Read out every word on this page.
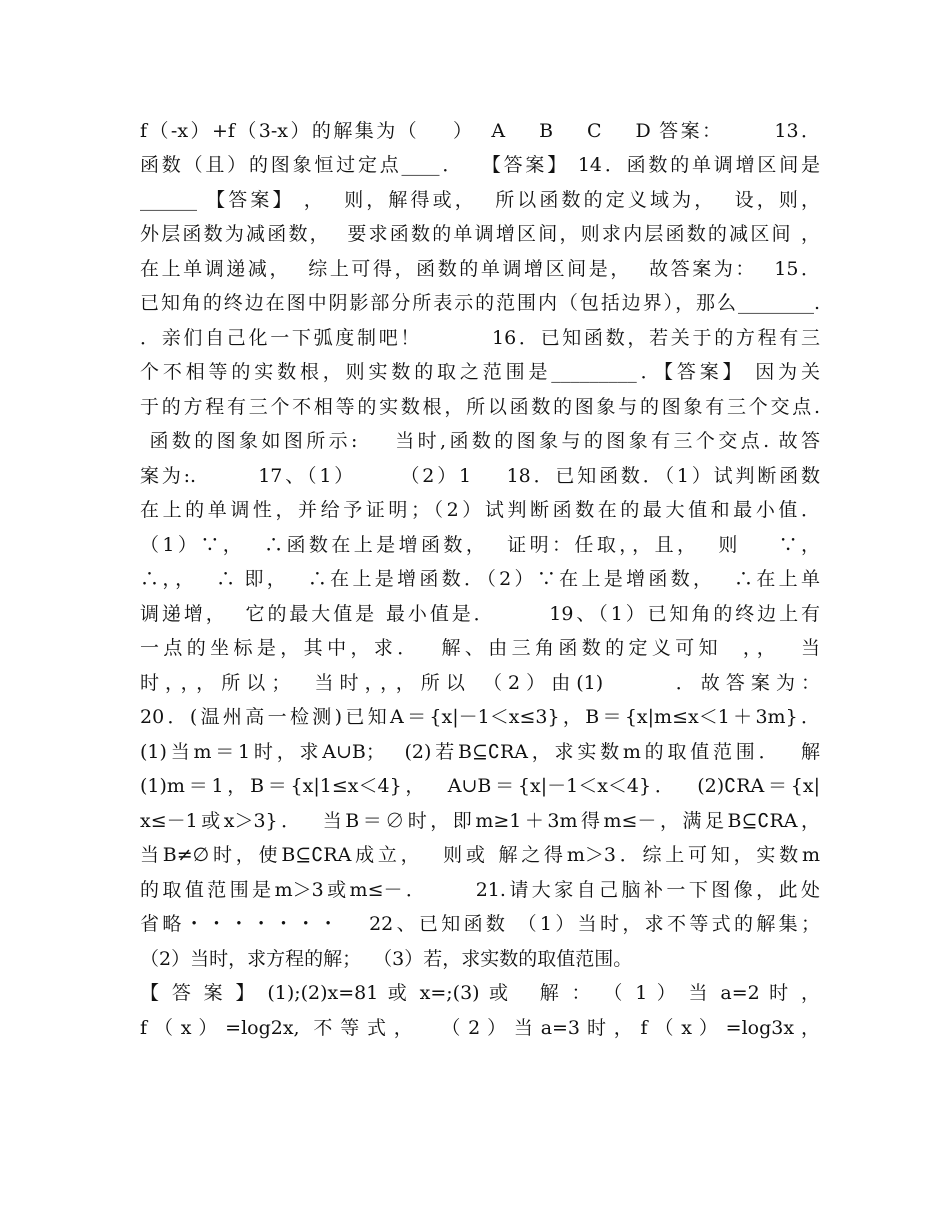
f（-x）+f（3-x）的解集为（    ）  A    B    C    D 答案：      13．
函数（且）的图象恒过定点____．  【答案】 14．函数的单调增区间是
______ 【答案】 ，  则，解得或，  所以函数的定义域为，  设，则，
外层函数为减函数，  要求函数的单调增区间，则求内层函数的减区间 ，
在上单调递减，  综上可得，函数的单调增区间是，  故答案为：  15．
已知角的终边在图中阴影部分所表示的范围内（包括边界），那么________.
．亲们自己化一下弧度制吧！        16．已知函数，若关于的方程有三
个不相等的实数根，则实数的取之范围是_________．【答案】 因为关
于的方程有三个不相等的实数根，所以函数的图象与的图象有三个交点.
函数的图象如图所示:    当时,函数的图象与的图象有三个交点. 故答
案为:.       17、（1）     （2）1    18．已知函数．（1）试判断函数
在上的单调性，并给予证明；（2）试判断函数在的最大值和最小值．
（1）∵，  ∴函数在上是增函数，  证明：任取，，且，  则    ∵，
∴，，  ∴ 即，  ∴在上是增函数．（2）∵在上是增函数，  ∴在上单
调递增，  它的最大值是 最小值是．      19、（1）已知角的终边上有
一点的坐标是，其中，求．  解、由三角函数的定义可知  ，，  当
时，，，所以；  当时，，，所以 （2）由(1)      ．故答案为：
20．(温州高一检测)已知A＝{x|－1＜x≤3}，B＝{x|m≤x＜1＋3m}．
(1)当m＝1时，求A∪B；  (2)若B⊆∁RA，求实数m的取值范围．  解
(1)m＝1，B＝{x|1≤x＜4}，  A∪B＝{x|－1＜x＜4}．  (2)∁RA＝{x|
x≤－1或x＞3}．  当B＝∅时，即m≥1＋3m得m≤－，满足B⊆∁RA，
当B≠∅时，使B⊆∁RA成立，  则或 解之得m＞3．综上可知，实数m
的取值范围是m＞3或m≤－．     21.请大家自己脑补一下图像，此处
省略・・・・・・・   22、已知函数 （1）当时，求不等式的解集；
（2）当时，求方程的解；  （3）若，求实数的取值范围。
【 答 案 】 (1);(2)x=81 或 x=;(3) 或   解 ： （ 1 ） 当 a=2 时 ，
f （ x ） =log2x,  不 等 式 ，    （ 2 ） 当 a=3 时 ， f （ x ） =log3x ，
